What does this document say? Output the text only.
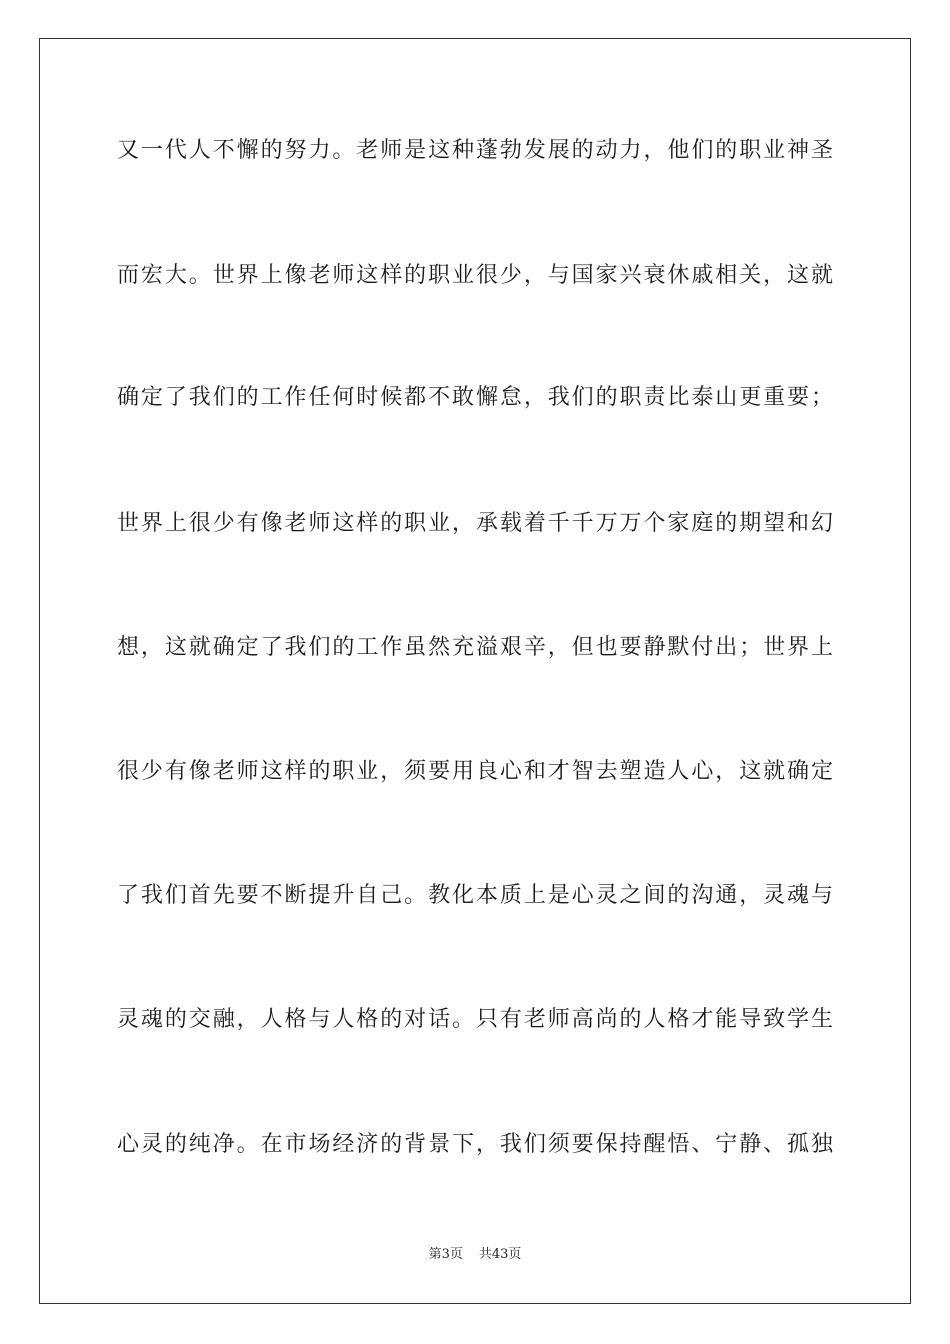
又一代人不懈的努力。老师是这种蓬勃发展的动力，他们的职业神圣
而宏大。世界上像老师这样的职业很少，与国家兴衰休戚相关，这就
确定了我们的工作任何时候都不敢懈怠，我们的职责比泰山更重要；
世界上很少有像老师这样的职业，承载着千千万万个家庭的期望和幻
想，这就确定了我们的工作虽然充溢艰辛，但也要静默付出；世界上
很少有像老师这样的职业，须要用良心和才智去塑造人心，这就确定
了我们首先要不断提升自己。教化本质上是心灵之间的沟通，灵魂与
灵魂的交融，人格与人格的对话。只有老师高尚的人格才能导致学生
心灵的纯净。在市场经济的背景下，我们须要保持醒悟、宁静、孤独
第3页 共43页
